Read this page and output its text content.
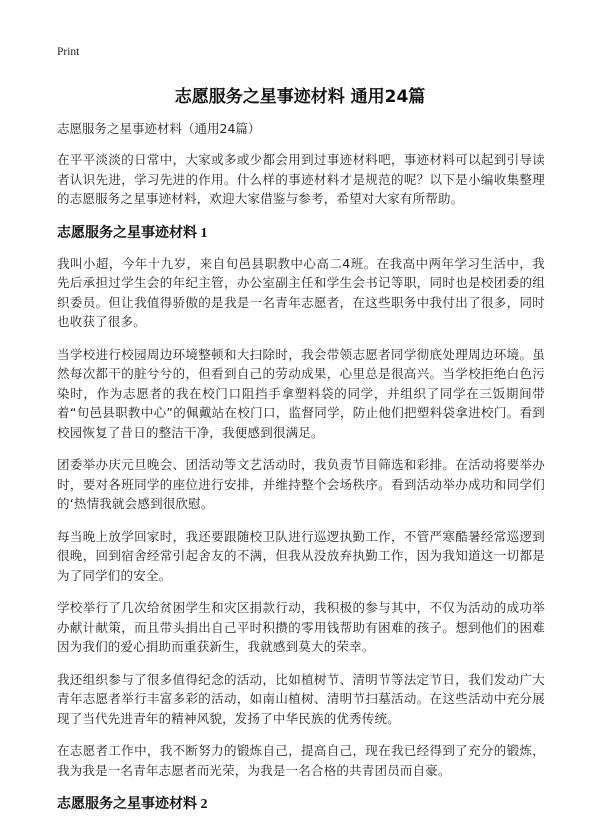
Print
志愿服务之星事迹材料 通用24篇
志愿服务之星事迹材料（通用24篇）

在平平淡淡的日常中，大家或多或少都会用到过事迹材料吧，事迹材料可以起到引导读者认识先进，学习先进的作用。什么样的事迹材料才是规范的呢？以下是小编收集整理的志愿服务之星事迹材料，欢迎大家借鉴与参考，希望对大家有所帮助。

志愿服务之星事迹材料 1

我叫小超，今年十九岁，来自旬邑县职教中心高二4班。在我高中两年学习生活中，我先后承担过学生会的年纪主管，办公室副主任和学生会书记等职，同时也是校团委的组织委员。但让我值得骄傲的是我是一名青年志愿者，在这些职务中我付出了很多，同时也收获了很多。

当学校进行校园周边环境整顿和大扫除时，我会带领志愿者同学彻底处理周边环境。虽然每次都干的脏兮兮的，但看到自己的劳动成果，心里总是很高兴。当学校拒绝白色污染时，作为志愿者的我在校门口阻挡手拿塑料袋的同学，并组织了同学在三饭期间带着“旬邑县职教中心”的佩戴站在校门口，监督同学，防止他们把塑料袋拿进校门。看到校园恢复了昔日的整洁干净，我便感到很满足。

团委举办庆元旦晚会、团活动等文艺活动时，我负责节目筛选和彩排。在活动将要举办时，要对各班同学的座位进行安排，并维持整个会场秩序。看到活动举办成功和同学们的‘热情我就会感到很欣慰。

每当晚上放学回家时，我还要跟随校卫队进行巡逻执勤工作，不管严寒酷暑经常巡逻到很晚，回到宿舍经常引起舍友的不满，但我从没放弃执勤工作，因为我知道这一切都是为了同学们的安全。

学校举行了几次给贫困学生和灾区捐款行动，我积极的参与其中，不仅为活动的成功举办献计献策，而且带头捐出自己平时积攒的零用钱帮助有困难的孩子。想到他们的困难因为我们的爱心捐助而重获新生，我就感到莫大的荣幸。

我还组织参与了很多值得纪念的活动，比如植树节、清明节等法定节日，我们发动广大青年志愿者举行丰富多彩的活动，如南山植树、清明节扫墓活动。在这些活动中充分展现了当代先进青年的精神风貌，发扬了中华民族的优秀传统。

在志愿者工作中，我不断努力的锻炼自己，提高自己，现在我已经得到了充分的锻炼，我为我是一名青年志愿者而光荣，为我是一名合格的共青团员而自豪。

志愿服务之星事迹材料 2
